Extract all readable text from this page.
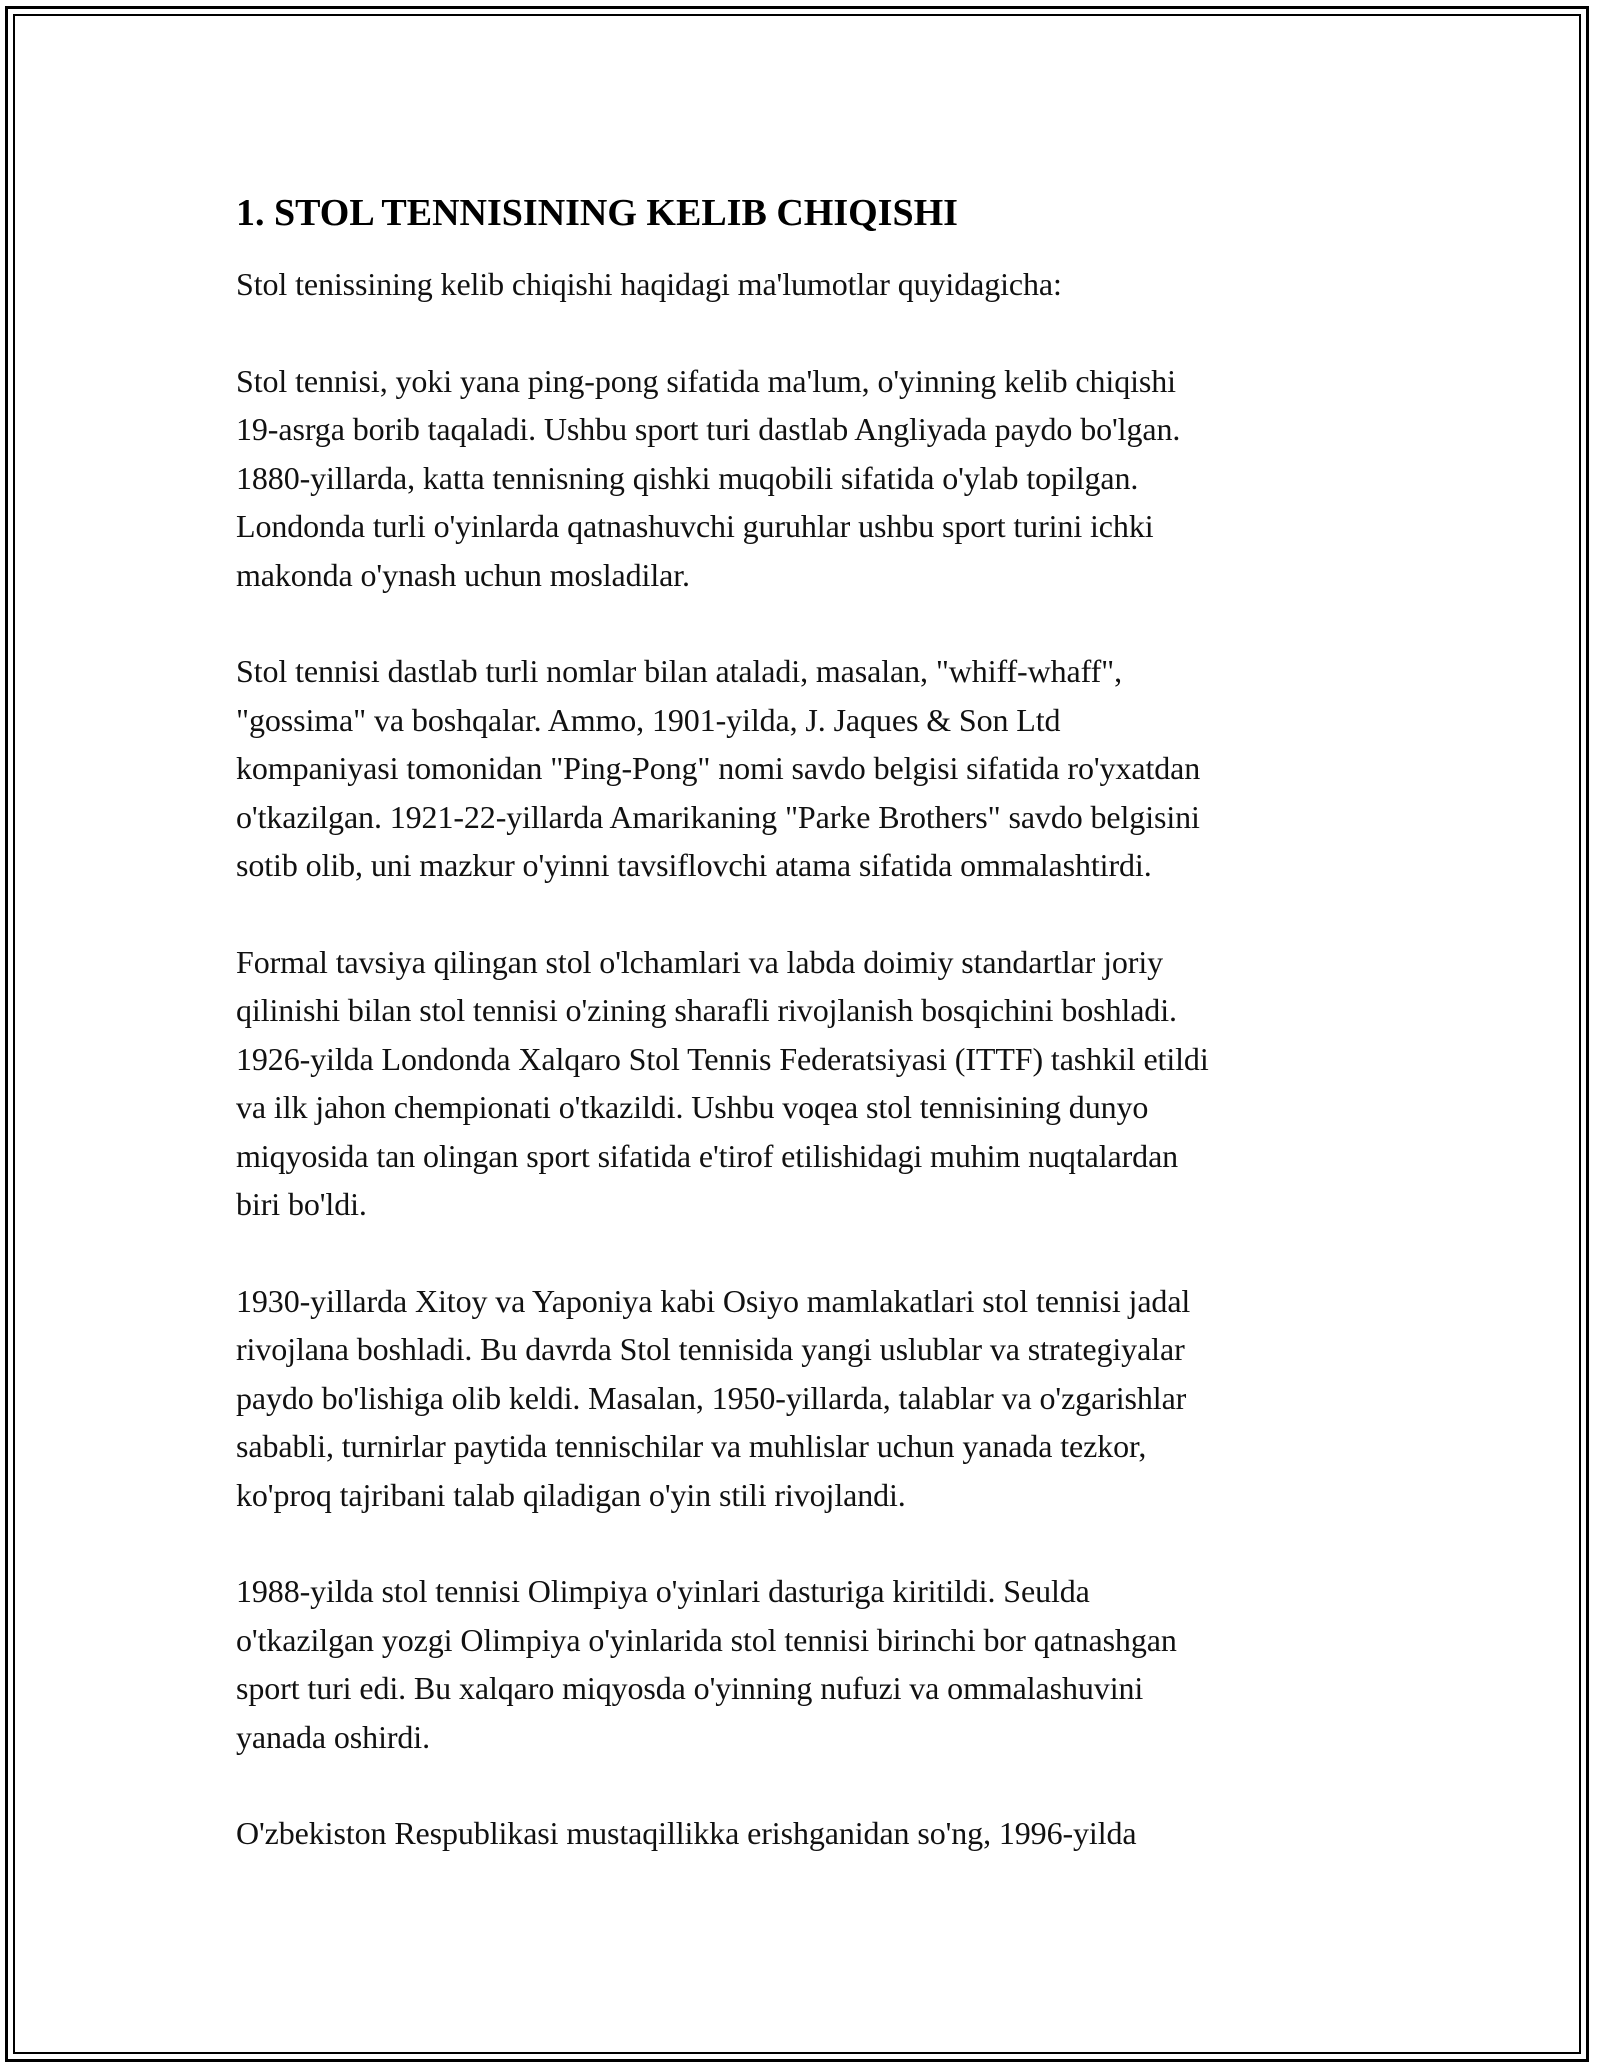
1. STOL TENNISINING KELIB CHIQISHI

Stol tenissining kelib chiqishi haqidagi ma'lumotlar quyidagicha:

Stol tennisi, yoki yana ping-pong sifatida ma'lum, o'yinning kelib chiqishi
19-asrga borib taqaladi. Ushbu sport turi dastlab Angliyada paydo bo'lgan.
1880-yillarda, katta tennisning qishki muqobili sifatida o'ylab topilgan.
Londonda turli o'yinlarda qatnashuvchi guruhlar ushbu sport turini ichki
makonda o'ynash uchun mosladilar.

Stol tennisi dastlab turli nomlar bilan ataladi, masalan, "whiff-whaff",
"gossima" va boshqalar. Ammo, 1901-yilda, J. Jaques & Son Ltd
kompaniyasi tomonidan "Ping-Pong" nomi savdo belgisi sifatida ro'yxatdan
o'tkazilgan. 1921-22-yillarda Amarikaning "Parke Brothers" savdo belgisini
sotib olib, uni mazkur o'yinni tavsiflovchi atama sifatida ommalashtirdi.

Formal tavsiya qilingan stol o'lchamlari va labda doimiy standartlar joriy
qilinishi bilan stol tennisi o'zining sharafli rivojlanish bosqichini boshladi.
1926-yilda Londonda Xalqaro Stol Tennis Federatsiyasi (ITTF) tashkil etildi
va ilk jahon chempionati o'tkazildi. Ushbu voqea stol tennisining dunyo
miqyosida tan olingan sport sifatida e'tirof etilishidagi muhim nuqtalardan
biri bo'ldi.

1930-yillarda Xitoy va Yaponiya kabi Osiyo mamlakatlari stol tennisi jadal
rivojlana boshladi. Bu davrda Stol tennisida yangi uslublar va strategiyalar
paydo bo'lishiga olib keldi. Masalan, 1950-yillarda, talablar va o'zgarishlar
sababli, turnirlar paytida tennischilar va muhlislar uchun yanada tezkor,
ko'proq tajribani talab qiladigan o'yin stili rivojlandi.

1988-yilda stol tennisi Olimpiya o'yinlari dasturiga kiritildi. Seulda
o'tkazilgan yozgi Olimpiya o'yinlarida stol tennisi birinchi bor qatnashgan
sport turi edi. Bu xalqaro miqyosda o'yinning nufuzi va ommalashuvini
yanada oshirdi.

O'zbekiston Respublikasi mustaqillikka erishganidan so'ng, 1996-yilda
